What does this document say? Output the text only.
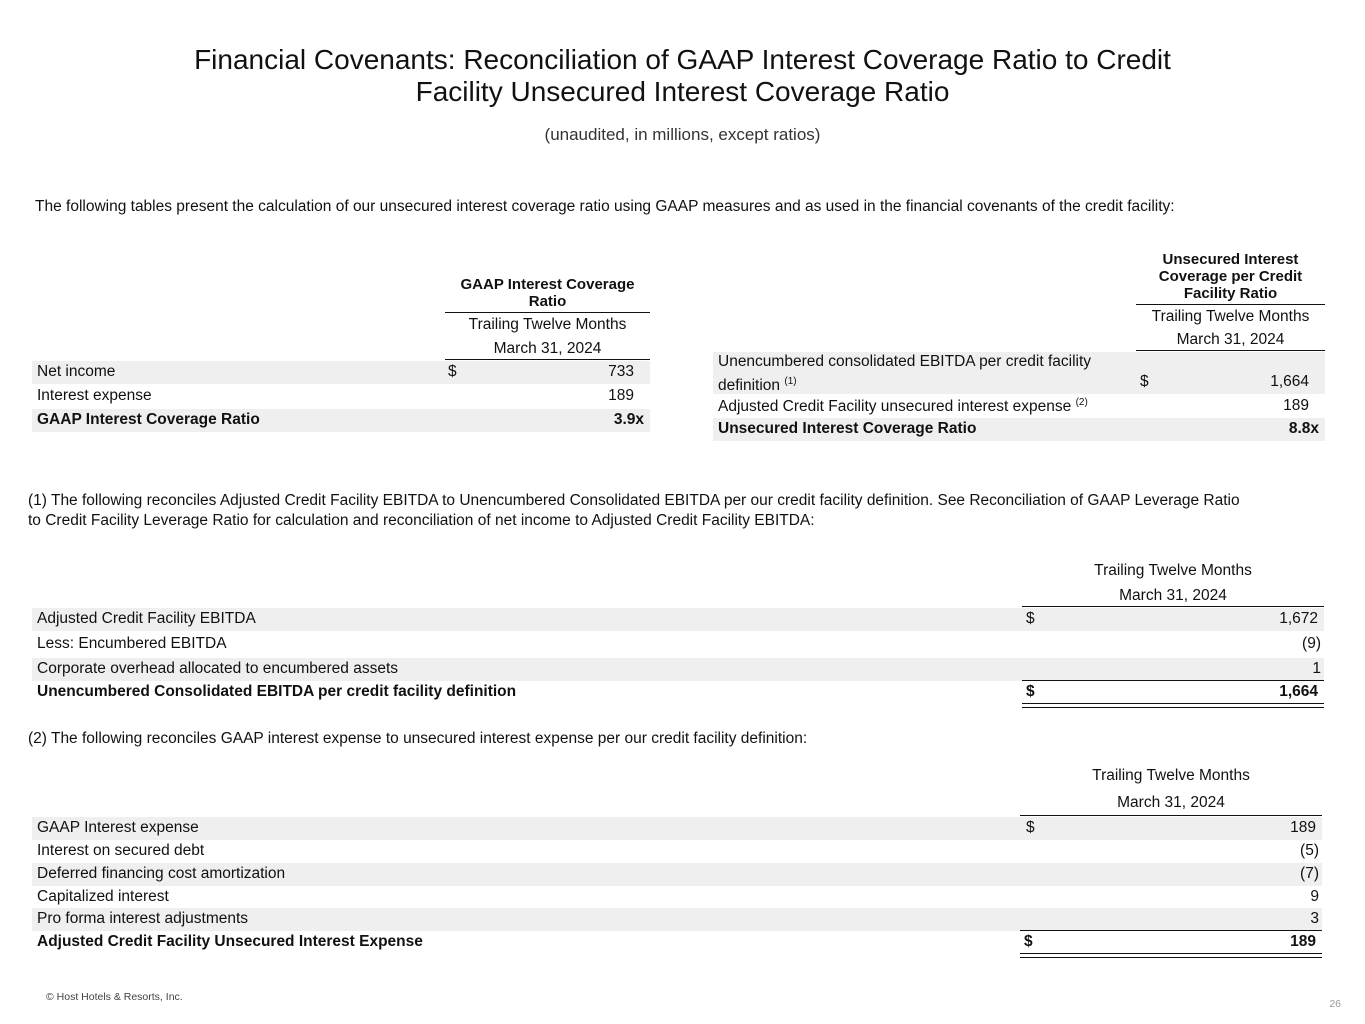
Financial Covenants: Reconciliation of GAAP Interest Coverage Ratio to Credit
Facility Unsecured Interest Coverage Ratio
(unaudited, in millions, except ratios)
The following tables present the calculation of our unsecured interest coverage ratio using GAAP measures and as used in the financial covenants of the credit facility:
GAAP Interest Coverage Ratio
Trailing Twelve Months
March 31, 2024
Net income	$	733
Interest expense	189
GAAP Interest Coverage Ratio	3.9x
Unsecured Interest Coverage per Credit Facility Ratio
Trailing Twelve Months
March 31, 2024
Unencumbered consolidated EBITDA per credit facility
definition $^{(1)}$	$	1,664
Adjusted Credit Facility unsecured interest expense $^{(2)}$	189
Unsecured Interest Coverage Ratio	8.8x
(1) The following reconciles Adjusted Credit Facility EBITDA to Unencumbered Consolidated EBITDA per our credit facility definition. See Reconciliation of GAAP Leverage Ratio
to Credit Facility Leverage Ratio for calculation and reconciliation of net income to Adjusted Credit Facility EBITDA:
Trailing Twelve Months
March 31, 2024
Adjusted Credit Facility EBITDA	$	1,672
Less: Encumbered EBITDA	(9)
Corporate overhead allocated to encumbered assets	1
Unencumbered Consolidated EBITDA per credit facility definition	$	1,664
(2) The following reconciles GAAP interest expense to unsecured interest expense per our credit facility definition:
Trailing Twelve Months
March 31, 2024
GAAP Interest expense	$	189
Interest on secured debt	(5)
Deferred financing cost amortization	(7)
Capitalized interest	9
Pro forma interest adjustments	3
Adjusted Credit Facility Unsecured Interest Expense	$	189
© Host Hotels & Resorts, Inc.
26
